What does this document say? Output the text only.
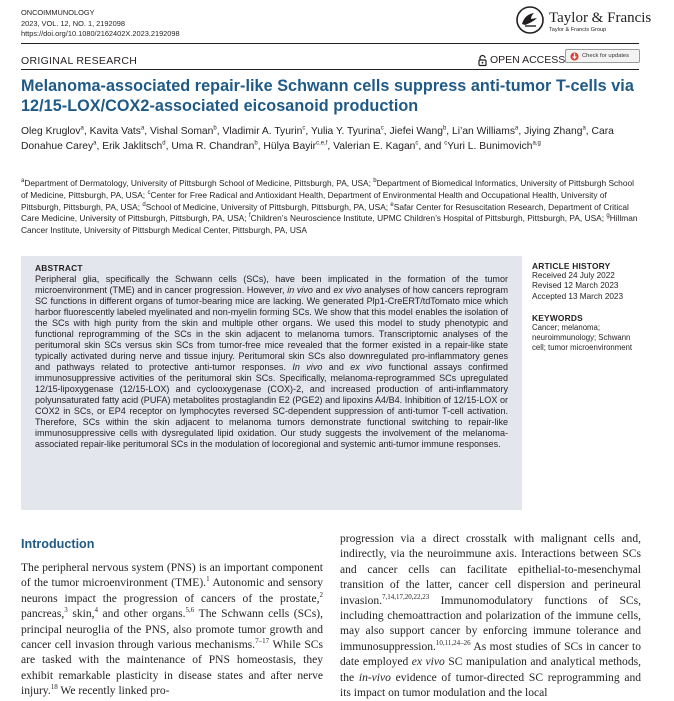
ONCOIMMUNOLOGY
2023, VOL. 12, NO. 1, 2192098
https://doi.org/10.1080/2162402X.2023.2192098
Taylor & Francis
Taylor & Francis Group
ORIGINAL RESEARCH	OPEN ACCESS	Check for updates
Melanoma-associated repair-like Schwann cells suppress anti-tumor T-cells via 12/15-LOX/COX2-associated eicosanoid production
Oleg Kruglov$^a$, Kavita Vats$^a$, Vishal Soman$^b$, Vladimir A. Tyurin$^c$, Yulia Y. Tyurina$^c$, Jiefei Wang$^b$, Li’an Williams$^a$, Jiying Zhang$^a$, Cara Donahue Carey$^a$, Erik Jaklitsch$^d$, Uma R. Chandran$^b$, Hülya Bayir$^{c,e,f}$, Valerian E. Kagan$^c$, and $^c$Yuri L. Bunimovich$^{a,g}$
$^a$Department of Dermatology, University of Pittsburgh School of Medicine, Pittsburgh, PA, USA; $^b$Department of Biomedical Informatics, University of Pittsburgh School of Medicine, Pittsburgh, PA, USA; $^c$Center for Free Radical and Antioxidant Health, Department of Environmental Health and Occupational Health, University of Pittsburgh, Pittsburgh, PA, USA; $^d$School of Medicine, University of Pittsburgh, Pittsburgh, PA, USA; $^e$Safar Center for Resuscitation Research, Department of Critical Care Medicine, University of Pittsburgh, Pittsburgh, PA, USA; $^f$Children’s Neuroscience Institute, UPMC Children’s Hospital of Pittsburgh, Pittsburgh, PA, USA; $^g$Hillman Cancer Institute, University of Pittsburgh Medical Center, Pittsburgh, PA, USA
ABSTRACT
Peripheral glia, specifically the Schwann cells (SCs), have been implicated in the formation of the tumor microenvironment (TME) and in cancer progression. However, in vivo and ex vivo analyses of how cancers reprogram SC functions in different organs of tumor-bearing mice are lacking. We generated Plp1-CreERT/tdTomato mice which harbor fluorescently labeled myelinated and non-myelin forming SCs. We show that this model enables the isolation of the SCs with high purity from the skin and multiple other organs. We used this model to study phenotypic and functional reprogramming of the SCs in the skin adjacent to melanoma tumors. Transcriptomic analyses of the peritumoral skin SCs versus skin SCs from tumor-free mice revealed that the former existed in a repair-like state typically activated during nerve and tissue injury. Peritumoral skin SCs also downregulated pro-inflammatory genes and pathways related to protective anti-tumor responses. In vivo and ex vivo functional assays confirmed immunosuppressive activities of the peritumoral skin SCs. Specifically, melanoma-reprogrammed SCs upregulated 12/15-lipoxygenase (12/15-LOX) and cyclooxygenase (COX)-2, and increased production of anti-inflammatory polyunsaturated fatty acid (PUFA) metabolites prostaglandin E2 (PGE2) and lipoxins A4/B4. Inhibition of 12/15-LOX or COX2 in SCs, or EP4 receptor on lymphocytes reversed SC-dependent suppression of anti-tumor T-cell activation. Therefore, SCs within the skin adjacent to melanoma tumors demonstrate functional switching to repair-like immunosuppressive cells with dysregulated lipid oxidation. Our study suggests the involvement of the melanoma-associated repair-like peritumoral SCs in the modulation of locoregional and systemic anti-tumor immune responses.
ARTICLE HISTORY
Received 24 July 2022
Revised 12 March 2023
Accepted 13 March 2023
KEYWORDS
Cancer; melanoma; neuroimmunology; Schwann cell; tumor microenvironment
Introduction
The peripheral nervous system (PNS) is an important component of the tumor microenvironment (TME).$^1$ Autonomic and sensory neurons impact the progression of cancers of the prostate,$^2$ pancreas,$^3$ skin,$^4$ and other organs.$^{5,6}$ The Schwann cells (SCs), principal neuroglia of the PNS, also promote tumor growth and cancer cell invasion through various mechanisms.$^{7-17}$ While SCs are tasked with the maintenance of PNS homeostasis, they exhibit remarkable plasticity in disease states and after nerve injury.$^{18}$ We recently linked pro-
progression via a direct crosstalk with malignant cells and, indirectly, via the neuroimmune axis. Interactions between SCs and cancer cells can facilitate epithelial-to-mesenchymal transition of the latter, cancer cell dispersion and perineural invasion.$^{7,14,17,20,22,23}$ Immunomodulatory functions of SCs, including chemoattraction and polarization of the immune cells, may also support cancer by enforcing immune tolerance and immunosuppression.$^{10,11,24-26}$ As most studies of SCs in cancer to date employed ex vivo SC manipulation and analytical methods, the in-vivo evidence of tumor-directed SC reprogramming and its impact on tumor modulation and the local
